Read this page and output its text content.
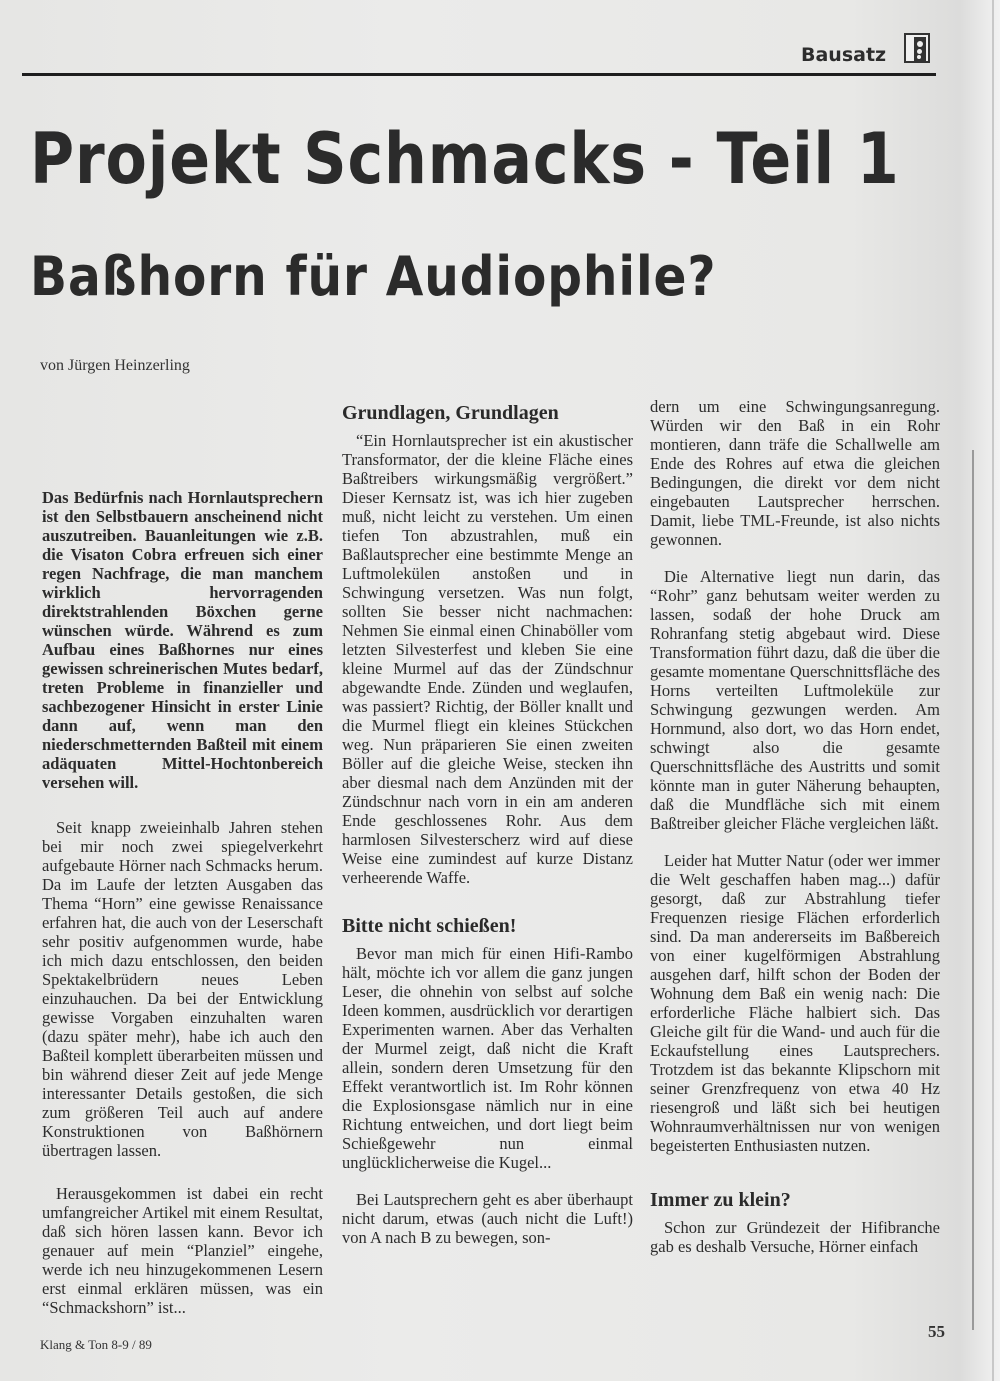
Bausatz
Projekt Schmacks - Teil 1
Baßhorn für Audiophile?
von Jürgen Heinzerling

Das Bedürfnis nach Hornlautsprechern ist den Selbstbauern anscheinend nicht auszutreiben. Bauanleitungen wie z.B. die Visaton Cobra erfreuen sich einer regen Nachfrage, die man manchem wirklich hervorragenden direktstrahlenden Böxchen gerne wünschen würde. Während es zum Aufbau eines Baßhornes nur eines gewissen schreinerischen Mutes bedarf, treten Probleme in finanzieller und sachbezogener Hinsicht in erster Linie dann auf, wenn man den niederschmetternden Baßteil mit einem adäquaten Mittel-Hochtonbereich versehen will.

Seit knapp zweieinhalb Jahren stehen bei mir noch zwei spiegelverkehrt aufgebaute Hörner nach Schmacks herum. Da im Laufe der letzten Ausgaben das Thema “Horn” eine gewisse Renaissance erfahren hat, die auch von der Leserschaft sehr positiv aufgenommen wurde, habe ich mich dazu entschlossen, den beiden Spektakelbrüdern neues Leben einzuhauchen. Da bei der Entwicklung gewisse Vorgaben einzuhalten waren (dazu später mehr), habe ich auch den Baßteil komplett überarbeiten müssen und bin während dieser Zeit auf jede Menge interessanter Details gestoßen, die sich zum größeren Teil auch auf andere Konstruktionen von Baßhörnern übertragen lassen.

Herausgekommen ist dabei ein recht umfangreicher Artikel mit einem Resultat, daß sich hören lassen kann. Bevor ich genauer auf mein “Planziel” eingehe, werde ich neu hinzugekommenen Lesern erst einmal erklären müssen, was ein “Schmackshorn” ist...

Grundlagen, Grundlagen

“Ein Hornlautsprecher ist ein akustischer Transformator, der die kleine Fläche eines Baßtreibers wirkungsmäßig vergrößert.” Dieser Kernsatz ist, was ich hier zugeben muß, nicht leicht zu verstehen. Um einen tiefen Ton abzustrahlen, muß ein Baßlautsprecher eine bestimmte Menge an Luftmolekülen anstoßen und in Schwingung versetzen. Was nun folgt, sollten Sie besser nicht nachmachen: Nehmen Sie einmal einen Chinaböller vom letzten Silvesterfest und kleben Sie eine kleine Murmel auf das der Zündschnur abgewandte Ende. Zünden und weglaufen, was passiert? Richtig, der Böller knallt und die Murmel fliegt ein kleines Stückchen weg. Nun präparieren Sie einen zweiten Böller auf die gleiche Weise, stecken ihn aber diesmal nach dem Anzünden mit der Zündschnur nach vorn in ein am anderen Ende geschlossenes Rohr. Aus dem harmlosen Silvesterscherz wird auf diese Weise eine zumindest auf kurze Distanz verheerende Waffe.

Bitte nicht schießen!

Bevor man mich für einen Hifi-Rambo hält, möchte ich vor allem die ganz jungen Leser, die ohnehin von selbst auf solche Ideen kommen, ausdrücklich vor derartigen Experimenten warnen. Aber das Verhalten der Murmel zeigt, daß nicht die Kraft allein, sondern deren Umsetzung für den Effekt verantwortlich ist. Im Rohr können die Explosionsgase nämlich nur in eine Richtung entweichen, und dort liegt beim Schießgewehr nun einmal unglücklicherweise die Kugel...

Bei Lautsprechern geht es aber überhaupt nicht darum, etwas (auch nicht die Luft!) von A nach B zu bewegen, son-

dern um eine Schwingungsanregung. Würden wir den Baß in ein Rohr montieren, dann träfe die Schallwelle am Ende des Rohres auf etwa die gleichen Bedingungen, die direkt vor dem nicht eingebauten Lautsprecher herrschen. Damit, liebe TML-Freunde, ist also nichts gewonnen.

Die Alternative liegt nun darin, das “Rohr” ganz behutsam weiter werden zu lassen, sodaß der hohe Druck am Rohranfang stetig abgebaut wird. Diese Transformation führt dazu, daß die über die gesamte momentane Querschnittsfläche des Horns verteilten Luftmoleküle zur Schwingung gezwungen werden. Am Hornmund, also dort, wo das Horn endet, schwingt also die gesamte Querschnittsfläche des Austritts und somit könnte man in guter Näherung behaupten, daß die Mundfläche sich mit einem Baßtreiber gleicher Fläche vergleichen läßt.

Leider hat Mutter Natur (oder wer immer die Welt geschaffen haben mag...) dafür gesorgt, daß zur Abstrahlung tiefer Frequenzen riesige Flächen erforderlich sind. Da man andererseits im Baßbereich von einer kugelförmigen Abstrahlung ausgehen darf, hilft schon der Boden der Wohnung dem Baß ein wenig nach: Die erforderliche Fläche halbiert sich. Das Gleiche gilt für die Wand- und auch für die Eckaufstellung eines Lautsprechers. Trotzdem ist das bekannte Klipschorn mit seiner Grenzfrequenz von etwa 40 Hz riesengroß und läßt sich bei heutigen Wohnraumverhältnissen nur von wenigen begeisterten Enthusiasten nutzen.

Immer zu klein?

Schon zur Gründezeit der Hifibranche gab es deshalb Versuche, Hörner einfach

Klang & Ton 8-9 / 89
55
